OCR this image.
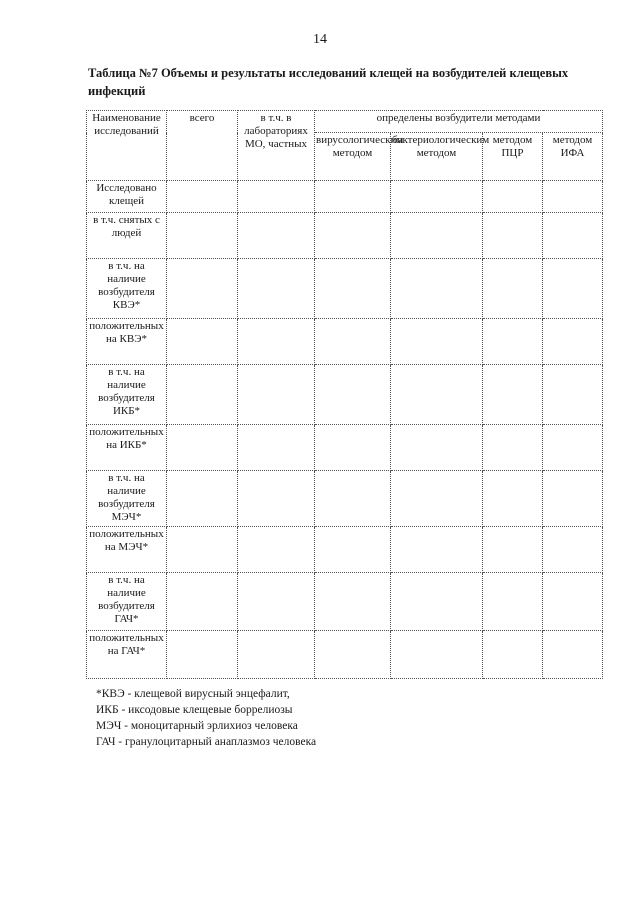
14
Таблица №7 Объемы и результаты исследований клещей на возбудителей клещевых инфекций
Наименование исследований	всего	в т.ч. в лабораториях МО, частных	определены возбудители методами			
			вирусологическим методом	бактериологическим методом	методом ПЦР	методом ИФА
Исследовано клещей						
в т.ч. снятых с людей						
в т.ч. на наличие возбудителя КВЭ*						
положительных на КВЭ*						
в т.ч. на наличие возбудителя ИКБ*						
положительных на ИКБ*						
в т.ч. на наличие возбудителя МЭЧ*						
положительных на МЭЧ*						
в т.ч. на наличие возбудителя ГАЧ*						
положительных на ГАЧ*						
*КВЭ - клещевой вирусный энцефалит,
ИКБ - иксодовые клещевые боррелиозы
МЭЧ - моноцитарный эрлихиоз человека
ГАЧ - гранулоцитарный анаплазмоз человека
